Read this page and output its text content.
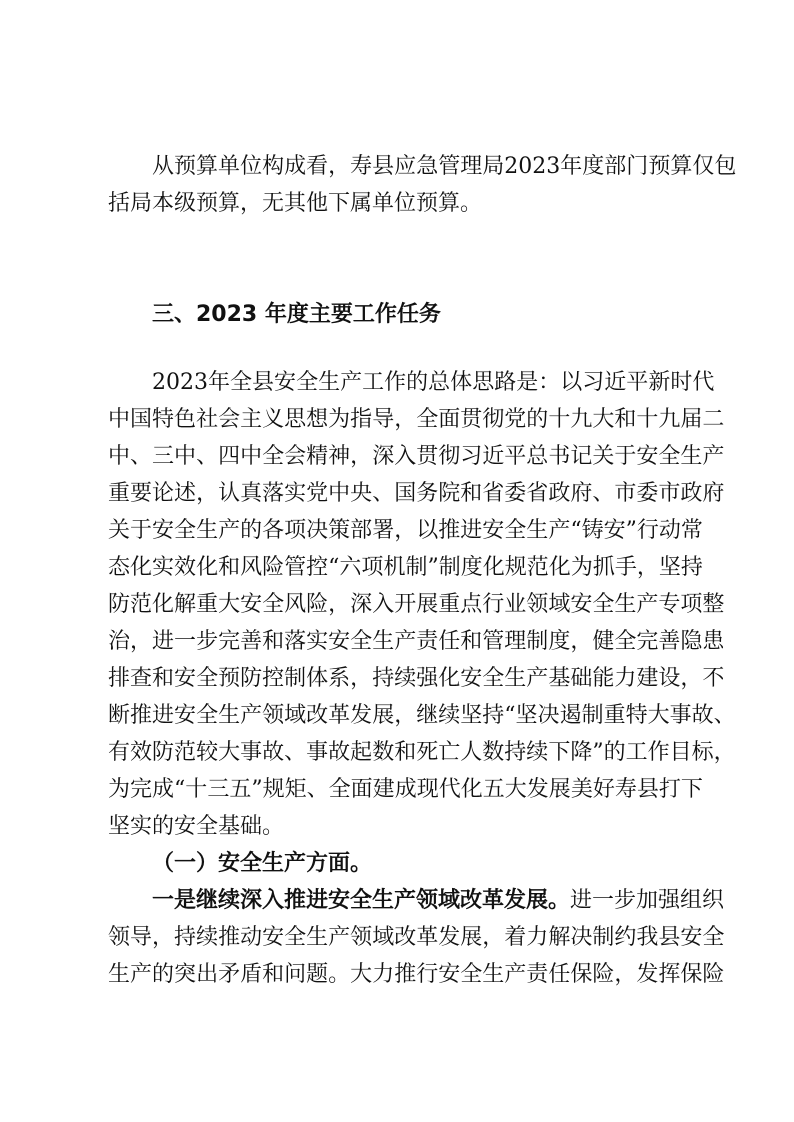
从 预 算 单 位 构 成 看 ， 寿 县 应 急 管 理 局 2 0 2 3 年 度 部 门 预 算 仅 包
括局本级预算，无其他下属单位预算。
三、2023 年度主要工作任务
2 0 2 3 年 全 县 安 全 生 产 工 作 的 总 体 思 路 是 ： 以 习 近 平 新 时 代
中 国 特 色 社 会 主 义 思 想 为 指 导 ， 全 面 贯 彻 党 的 十 九 大 和 十 九 届 二
中 、 三 中 、 四 中 全 会 精 神 ， 深 入 贯 彻 习 近 平 总 书 记 关 于 安 全 生 产
重 要 论 述 ， 认 真 落 实 党 中 央 、 国 务 院 和 省 委 省 政 府 、 市 委 市 政 府
关 于 安 全 生 产 的 各 项 决 策 部 署 ， 以 推 进 安 全 生 产 “ 铸 安 ” 行 动 常
态 化 实 效 化 和 风 险 管 控 “ 六 项 机 制 ” 制 度 化 规 范 化 为 抓 手 ， 坚 持
防 范 化 解 重 大 安 全 风 险 ， 深 入 开 展 重 点 行 业 领 域 安 全 生 产 专 项 整
治 ， 进 一 步 完 善 和 落 实 安 全 生 产 责 任 和 管 理 制 度 ， 健 全 完 善 隐 患
排 查 和 安 全 预 防 控 制 体 系 ， 持 续 强 化 安 全 生 产 基 础 能 力 建 设 ， 不
断 推 进 安 全 生 产 领 域 改 革 发 展 ， 继 续 坚 持 “ 坚 决 遏 制 重 特 大 事 故 、
有 效 防 范 较 大 事 故 、 事 故 起 数 和 死 亡 人 数 持 续 下 降 ” 的 工 作 目 标 ，
为 完 成 “ 十 三 五 ” 规 矩 、 全 面 建 成 现 代 化 五 大 发 展 美 好 寿 县 打 下
坚实的安全基础。
（一）安全生产方面。
一是继续深入推进安全生产领域改革发展。 进一步加强组织
领 导 ， 持 续 推 动 安 全 生 产 领 域 改 革 发 展 ， 着 力 解 决 制 约 我 县 安 全
生 产 的 突 出 矛 盾 和 问 题 。 大 力 推 行 安 全 生 产 责 任 保 险 ， 发 挥 保 险
